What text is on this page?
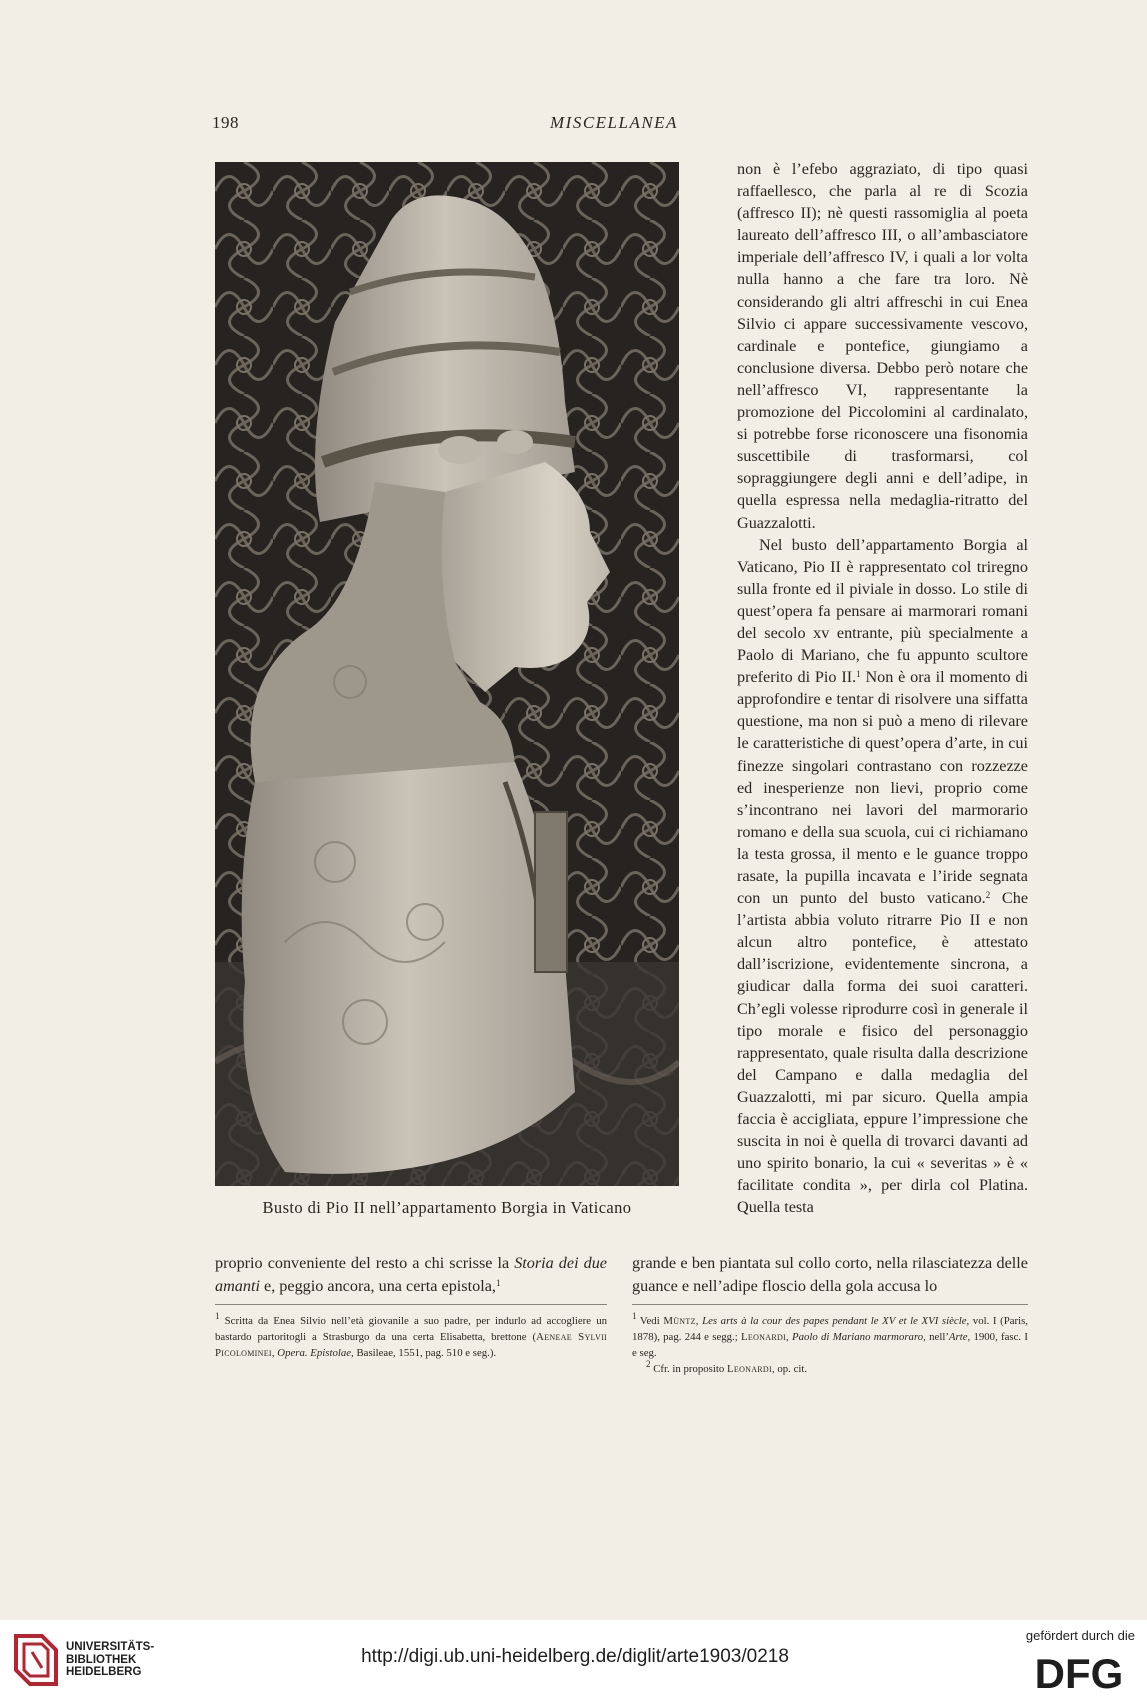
198	MISCELLANEA
Busto di Pio II nell’appartamento Borgia in Vaticano

non è l’efebo aggraziato, di tipo quasi raffaellesco, che parla al re di Scozia (affresco II); nè questi rassomiglia al poeta laureato dell’affresco III, o all’ambasciatore imperiale dell’affresco IV, i quali a lor volta nulla hanno a che fare tra loro. Nè considerando gli altri affreschi in cui Enea Silvio ci appare successivamente vescovo, cardinale e pontefice, giungiamo a conclusione diversa. Debbo però notare che nell’affresco VI, rappresentante la promozione del Piccolomini al cardinalato, si potrebbe forse riconoscere una fisonomia suscettibile di trasformarsi, col sopraggiungere degli anni e dell’adipe, in quella espressa nella medaglia-ritratto del Guazzalotti.

Nel busto dell’appartamento Borgia al Vaticano, Pio II è rappresentato col triregno sulla fronte ed il piviale in dosso. Lo stile di quest’opera fa pensare ai marmorari romani del secolo xv entrante, più specialmente a Paolo di Mariano, che fu appunto scultore preferito di Pio II.$^1$ Non è ora il momento di approfondire e tentar di risolvere una siffatta questione, ma non si può a meno di rilevare le caratteristiche di quest’opera d’arte, in cui finezze singolari contrastano con rozzezze ed inesperienze non lievi, proprio come s’incontrano nei lavori del marmorario romano e della sua scuola, cui ci richiamano la testa grossa, il mento e le guance troppo rasate, la pupilla incavata e l’iride segnata con un punto del busto vaticano.$^2$ Che l’artista abbia voluto ritrarre Pio II e non alcun altro pontefice, è attestato dall’iscrizione, evidentemente sincrona, a giudicar dalla forma dei suoi caratteri. Ch’egli volesse riprodurre così in generale il tipo morale e fisico del personaggio rappresentato, quale risulta dalla descrizione del Campano e dalla medaglia del Guazzalotti, mi par sicuro. Quella ampia faccia è accigliata, eppure l’impressione che suscita in noi è quella di trovarci davanti ad uno spirito bonario, la cui « severitas » è « facilitate condita », per dirla col Platina. Quella testa

proprio conveniente del resto a chi scrisse la Storia dei due amanti e, peggio ancora, una certa epistola,$^1$

grande e ben piantata sul collo corto, nella rilasciatezza delle guance e nell’adipe floscio della gola accusa lo

$^1$ Scritta da Enea Silvio nell’età giovanile a suo padre, per indurlo ad accogliere un bastardo partoritogli a Strasburgo da una certa Elisabetta, brettone (Aeneae Sylvii Picolominei, Opera. Epistolae, Basileae, 1551, pag. 510 e seg.).

$^1$ Vedi Müntz, Les arts à la cour des papes pendant le XV et le XVI siècle, vol. I (Paris, 1878), pag. 244 e segg.; Leonardi, Paolo di Mariano marmoraro, nell’Arte, 1900, fasc. I e seg.

$^2$ Cfr. in proposito Leonardi, op. cit.

UNIVERSITÄTS-
BIBLIOTHEK
HEIDELBERG
http://digi.ub.uni-heidelberg.de/diglit/arte1903/0218
gefördert durch die
DFG
